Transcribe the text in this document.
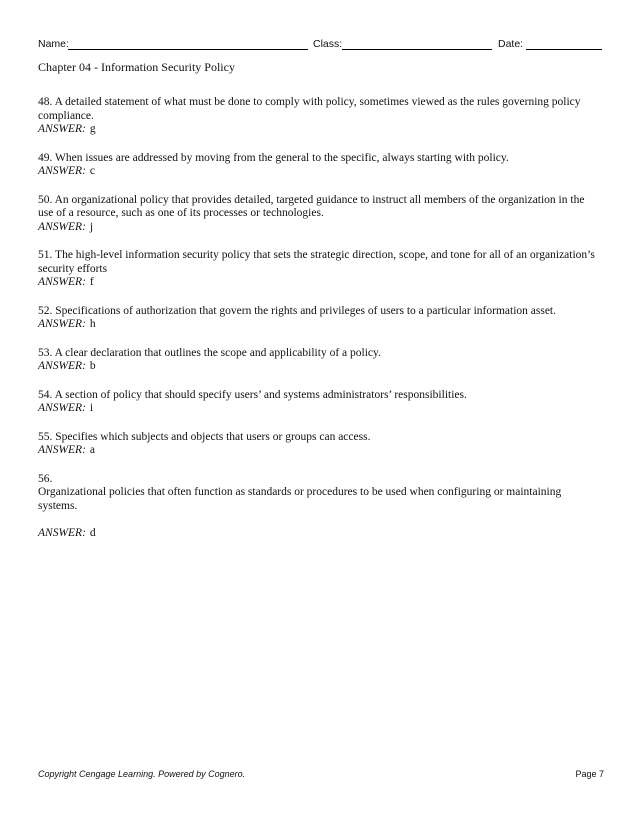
Name:	Class:	Date:
Chapter 04 - Information Security Policy
48. A detailed statement of what must be done to comply with policy, sometimes viewed as the rules governing policy compliance.
ANSWER: g
49. When issues are addressed by moving from the general to the specific, always starting with policy.
ANSWER: c
50. An organizational policy that provides detailed, targeted guidance to instruct all members of the organization in the use of a resource, such as one of its processes or technologies.
ANSWER: j
51. The high-level information security policy that sets the strategic direction, scope, and tone for all of an organization’s security efforts
ANSWER: f
52. Specifications of authorization that govern the rights and privileges of users to a particular information asset.
ANSWER: h
53. A clear declaration that outlines the scope and applicability of a policy.
ANSWER: b
54. A section of policy that should specify users’ and systems administrators’ responsibilities.
ANSWER: i
55. Specifies which subjects and objects that users or groups can access.
ANSWER: a
56.
Organizational policies that often function as standards or procedures to be used when configuring or maintaining systems.
ANSWER: d
Copyright Cengage Learning. Powered by Cognero.	Page 7
